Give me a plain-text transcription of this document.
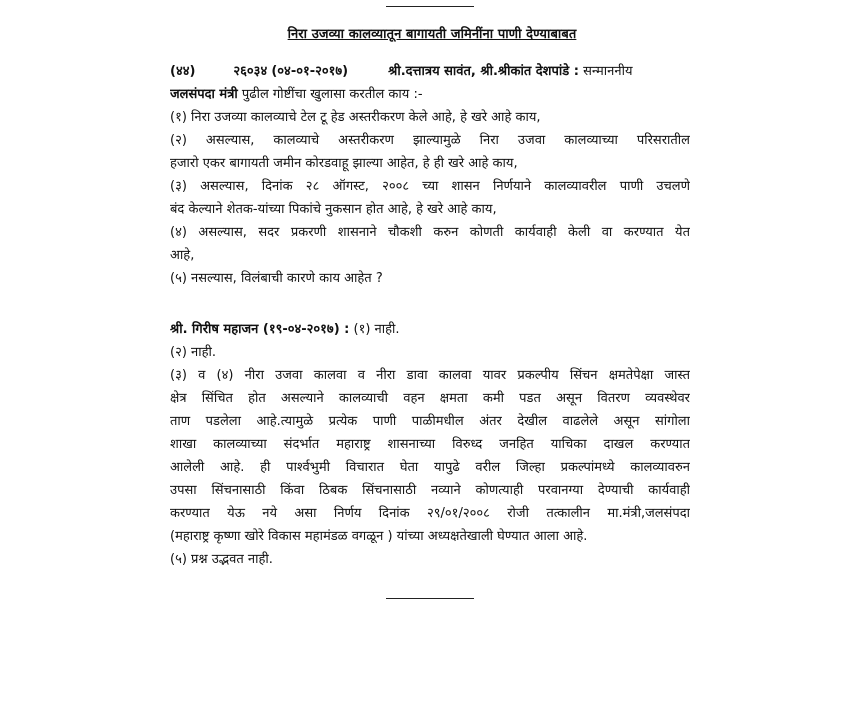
निरा उजव्या कालव्यातून बागायती जमिनींना पाणी देण्याबाबत
(४४)	२६०३४ (०४-०१-२०१७)	श्री.दत्तात्रय सावंत, श्री.श्रीकांत देशपांडे : सन्माननीय
जलसंपदा मंत्री पुढील गोष्टींचा खुलासा करतील काय :-
(१) निरा उजव्या कालव्याचे टेल टू हेड अस्तरीकरण केले आहे, हे खरे आहे काय,
(२) असल्यास, कालव्याचे अस्तरीकरण झाल्यामुळे निरा उजवा कालव्याच्या परिसरातील
हजारो एकर बागायती जमीन कोरडवाहू झाल्या आहेत, हे ही खरे आहे काय,
(३) असल्यास, दिनांक २८ ऑगस्ट, २००८ च्या शासन निर्णयाने कालव्यावरील पाणी उचलणे
बंद केल्याने शेतक-यांच्या पिकांचे नुकसान होत आहे, हे खरे आहे काय,
(४) असल्यास, सदर प्रकरणी शासनाने चौकशी करुन कोणती कार्यवाही केली वा करण्यात येत
आहे,
(५) नसल्यास, विलंबाची कारणे काय आहेत ?
श्री. गिरीष महाजन (१९-०४-२०१७) : (१) नाही.
(२) नाही.
(३) व (४) नीरा उजवा कालवा व नीरा डावा कालवा यावर प्रकल्पीय सिंचन क्षमतेपेक्षा जास्त
क्षेत्र सिंचित होत असल्याने कालव्याची वहन क्षमता कमी पडत असून वितरण व्यवस्थेवर
ताण पडलेला आहे.त्यामुळे प्रत्येक पाणी पाळीमधील अंतर देखील वाढलेले असून सांगोला
शाखा कालव्याच्या संदर्भात महाराष्ट्र शासनाच्या विरुध्द जनहित याचिका दाखल करण्यात
आलेली आहे. ही पार्श्वभुमी विचारात घेता यापुढे वरील जिल्हा प्रकल्पांमध्ये कालव्यावरुन
उपसा सिंचनासाठी किंवा ठिबक सिंचनासाठी नव्याने कोणत्याही परवानग्या देण्याची कार्यवाही
करण्यात येऊ नये असा निर्णय दिनांक २९/०१/२००८ रोजी तत्कालीन मा.मंत्री,जलसंपदा
(महाराष्ट्र कृष्णा खोरे विकास महामंडळ वगळून ) यांच्या अध्यक्षतेखाली घेण्यात आला आहे.
(५) प्रश्न उद्भवत नाही.
